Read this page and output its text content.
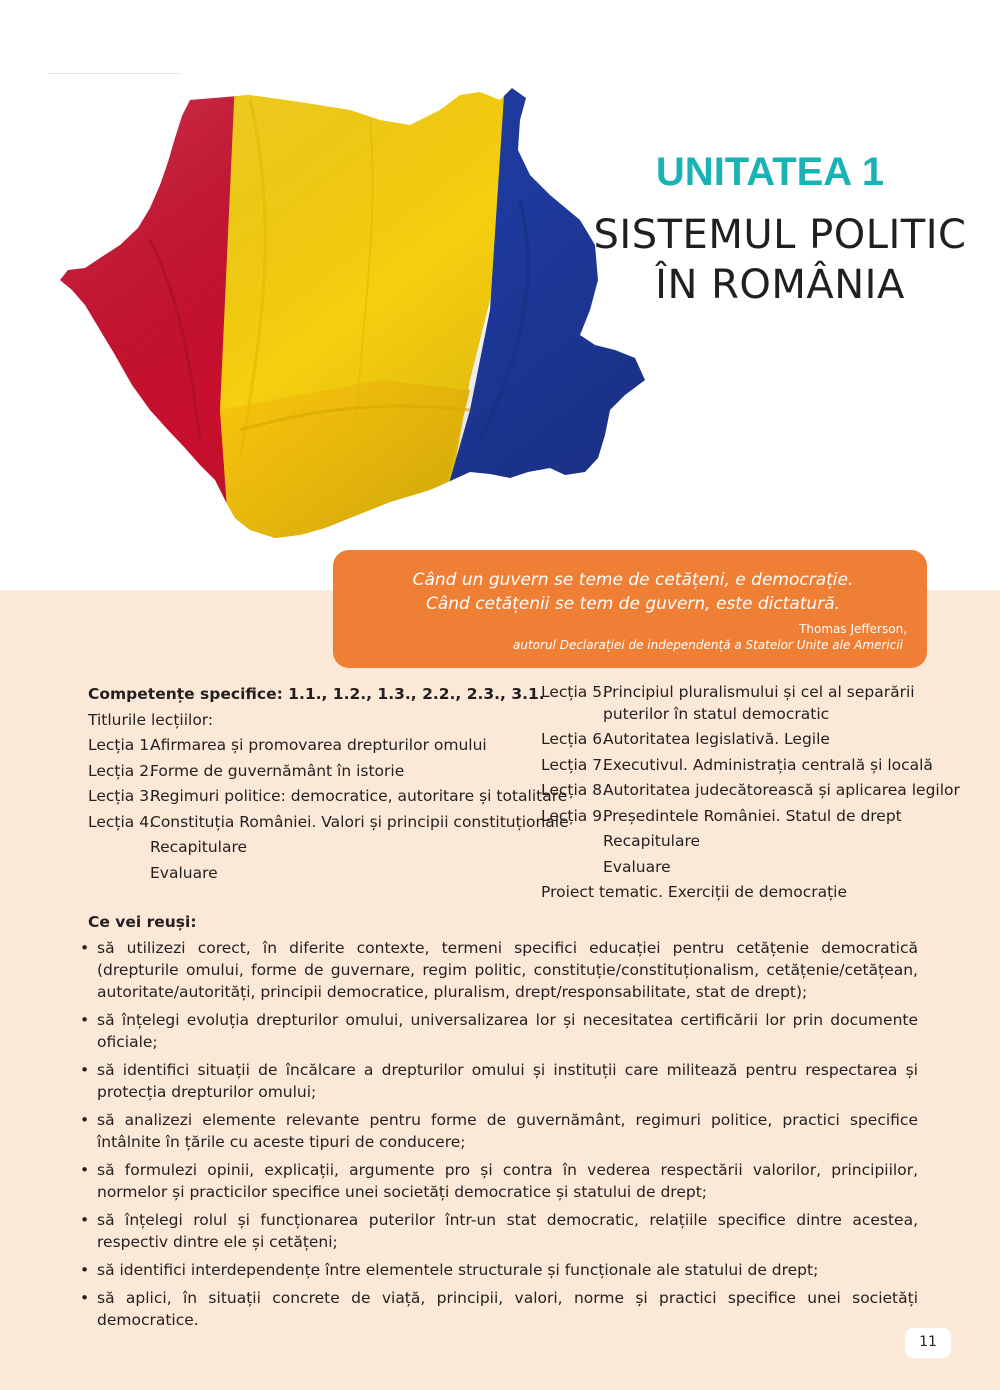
UNITATEA 1
SISTEMUL POLITIC
ÎN ROMÂNIA
Când un guvern se teme de cetățeni, e democrație.
Când cetățenii se tem de guvern, este dictatură.
Thomas Jefferson,
autorul Declarației de independență a Statelor Unite ale Americii
Competențe specifice: 1.1., 1.2., 1.3., 2.2., 2.3., 3.1.
Titlurile lecțiilor:
Lecția 1.Afirmarea și promovarea drepturilor omului
Lecția 2.Forme de guvernământ în istorie
Lecția 3.Regimuri politice: democratice, autoritare și totalitare
Lecția 4.Constituția României. Valori și principii constituționale
Recapitulare
Evaluare
Lecția 5.Principiul pluralismului și cel al separării
puterilor în statul democratic
Lecția 6.Autoritatea legislativă. Legile
Lecția 7.Executivul. Administrația centrală și locală
Lecția 8.Autoritatea judecătorească și aplicarea legilor
Lecția 9.Președintele României. Statul de drept
Recapitulare
Evaluare
Proiect tematic. Exerciții de democrație
Ce vei reuși:
• să utilizezi corect, în diferite contexte, termeni specifici educației pentru cetățenie democratică (drepturile omului, forme de guvernare, regim politic, constituție/constituționalism, cetățenie/cetățean, autoritate/autorități, principii democratice, pluralism, drept/responsabilitate, stat de drept);
• să înțelegi evoluția drepturilor omului, universalizarea lor și necesitatea certificării lor prin documente oficiale;
• să identifici situații de încălcare a drepturilor omului și instituții care militează pentru respectarea și protecția drepturilor omului;
• să analizezi elemente relevante pentru forme de guvernământ, regimuri politice, practici specifice întâlnite în țările cu aceste tipuri de conducere;
• să formulezi opinii, explicații, argumente pro și contra în vederea respectării valorilor, principiilor, normelor și practicilor specifice unei societăți democratice și statului de drept;
• să înțelegi rolul și funcționarea puterilor într-un stat democratic, relațiile specifice dintre acestea, respectiv dintre ele și cetățeni;
• să identifici interdependențe între elementele structurale și funcționale ale statului de drept;
• să aplici, în situații concrete de viață, principii, valori, norme și practici specifice unei societăți democratice.
11
